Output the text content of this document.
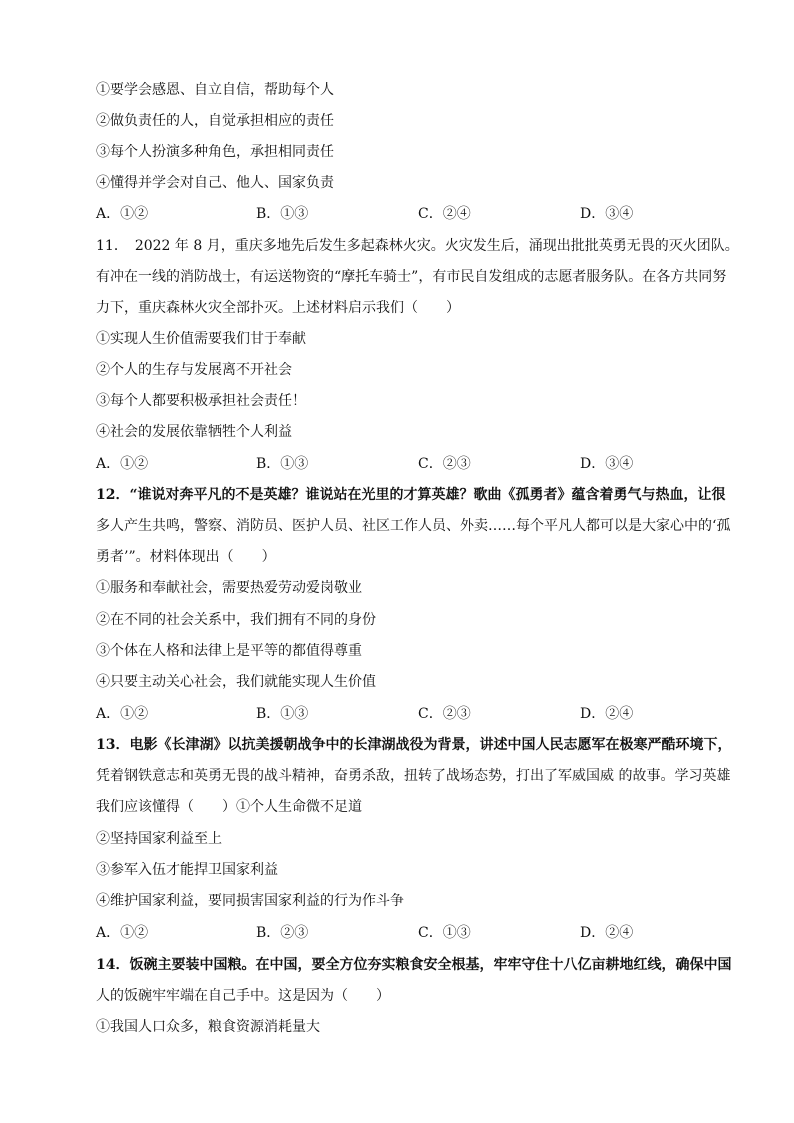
①要学会感恩、自立自信，帮助每个人
②做负责任的人，自觉承担相应的责任
③每个人扮演多种角色，承担相同责任
④懂得并学会对自己、他人、国家负责
A．①②	B．①③	C．②④	D．③④
11．　2022 年 8 月，重庆多地先后发生多起森林火灾。火灾发生后，涌现出批批英勇无畏的灭火团队。
有冲在一线的消防战士，有运送物资的“摩托车骑士”，有市民自发组成的志愿者服务队。在各方共同努
力下，重庆森林火灾全部扑灭。上述材料启示我们（　　）
①实现人生价值需要我们甘于奉献
②个人的生存与发展离不开社会
③每个人都要积极承担社会责任！
④社会的发展依靠牺牲个人利益
A．①②	B．①③	C．②③	D．③④
12．“谁说对奔平凡的不是英雄？谁说站在光里的才算英雄？歌曲《孤勇者》蕴含着勇气与热血，让很
多人产生共鸣，警察、消防员、医护人员、社区工作人员、外卖……每个平凡人都可以是大家心中的‘孤
勇者’”。材料体现出（　　）
①服务和奉献社会，需要热爱劳动爱岗敬业
②在不同的社会关系中，我们拥有不同的身份
③个体在人格和法律上是平等的都值得尊重
④只要主动关心社会，我们就能实现人生价值
A．①②	B．①③	C．②③	D．②④
13．电影《长津湖》以抗美援朝战争中的长津湖战役为背景，讲述中国人民志愿军在极寒严酷环境下，
凭着钢铁意志和英勇无畏的战斗精神，奋勇杀敌，扭转了战场态势，打出了军威国威 的故事。学习英雄
我们应该懂得（　　）①个人生命微不足道
②坚持国家利益至上
③参军入伍才能捍卫国家利益
④维护国家利益，要同损害国家利益的行为作斗争
A．①②	B．②③	C．①③	D．②④
14．饭碗主要装中国粮。在中国，要全方位夯实粮食安全根基，牢牢守住十八亿亩耕地红线，确保中国
人的饭碗牢牢端在自己手中。这是因为（　　）
①我国人口众多，粮食资源消耗量大
